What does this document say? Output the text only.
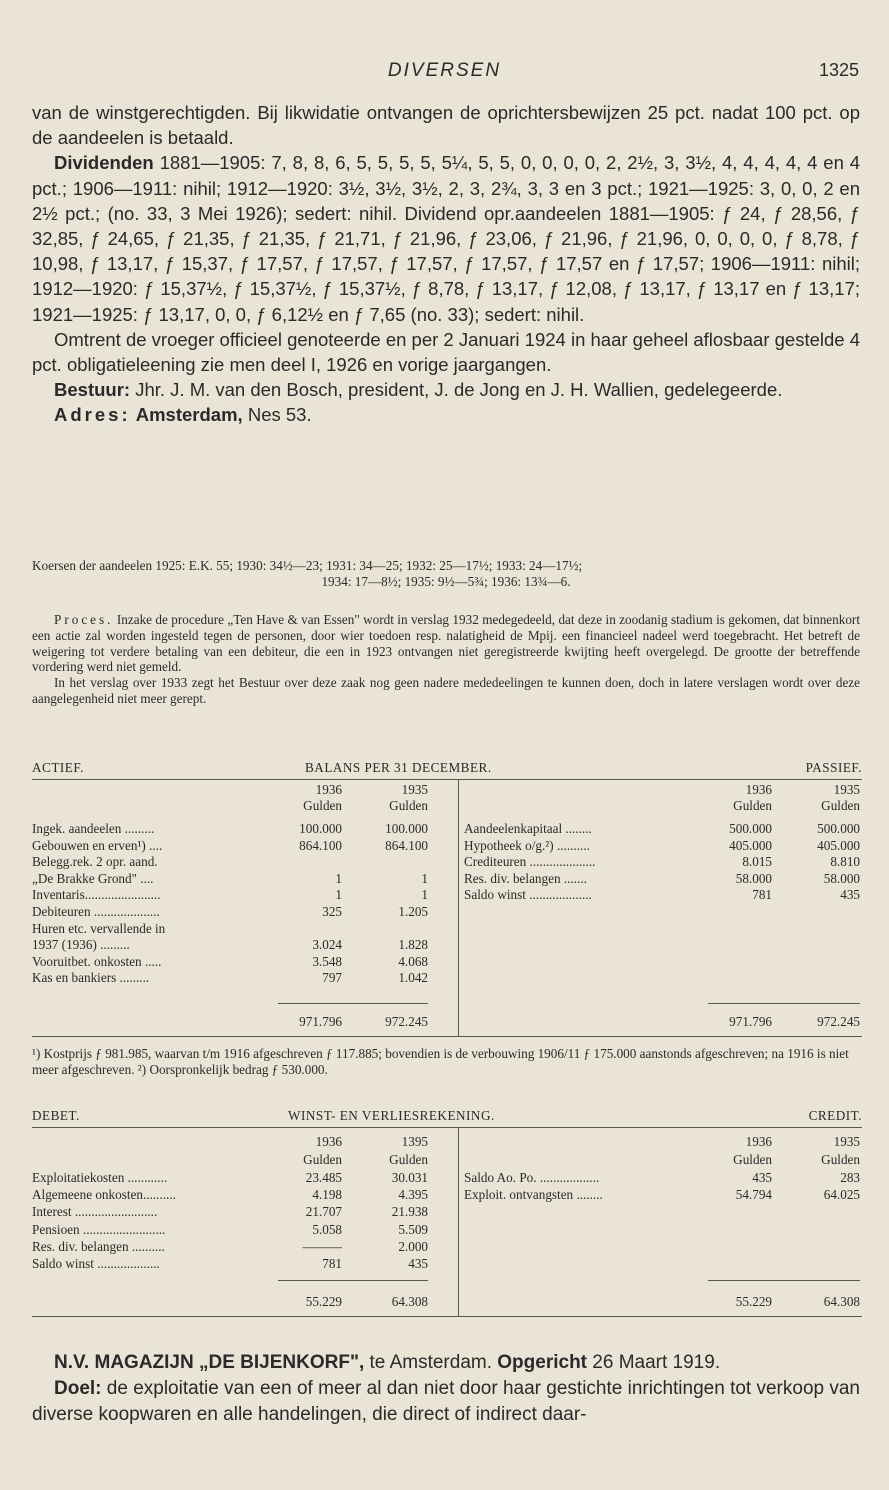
DIVERSEN	1325

van de winstgerechtigden. Bij likwidatie ontvangen de oprichtersbewijzen 25 pct. nadat 100 pct. op de aandeelen is betaald.

Dividenden 1881—1905: 7, 8, 8, 6, 5, 5, 5, 5, 5¼, 5, 5, 0, 0, 0, 0, 2, 2½, 3, 3½, 4, 4, 4, 4, 4 en 4 pct.; 1906—1911: nihil; 1912—1920: 3½, 3½, 3½, 2, 3, 2¾, 3, 3 en 3 pct.; 1921—1925: 3, 0, 0, 2 en 2½ pct.; (no. 33, 3 Mei 1926); sedert: nihil. Dividend opr.aandeelen 1881—1905: ƒ 24, ƒ 28,56, ƒ 32,85, ƒ 24,65, ƒ 21,35, ƒ 21,35, ƒ 21,71, ƒ 21,96, ƒ 23,06, ƒ 21,96, ƒ 21,96, 0, 0, 0, 0, ƒ 8,78, ƒ 10,98, ƒ 13,17, ƒ 15,37, ƒ 17,57, ƒ 17,57, ƒ 17,57, ƒ 17,57, ƒ 17,57 en ƒ 17,57; 1906—1911: nihil; 1912—1920: ƒ 15,37½, ƒ 15,37½, ƒ 15,37½, ƒ 8,78, ƒ 13,17, ƒ 12,08, ƒ 13,17, ƒ 13,17 en ƒ 13,17; 1921—1925: ƒ 13,17, 0, 0, ƒ 6,12½ en ƒ 7,65 (no. 33); sedert: nihil.

Omtrent de vroeger officieel genoteerde en per 2 Januari 1924 in haar geheel aflosbaar gestelde 4 pct. obligatieleening zie men deel I, 1926 en vorige jaargangen.

Bestuur: Jhr. J. M. van den Bosch, president, J. de Jong en J. H. Wallien, gedelegeerde.

Adres: Amsterdam, Nes 53.

Koersen der aandeelen 1925: E.K. 55; 1930: 34½—23; 1931: 34—25; 1932: 25—17½; 1933: 24—17½;

1934: 17—8½; 1935: 9½—5¾; 1936: 13¾—6.

Proces. Inzake de procedure „Ten Have & van Essen" wordt in verslag 1932 medegedeeld, dat deze in zoodanig stadium is gekomen, dat binnenkort een actie zal worden ingesteld tegen de personen, door wier toedoen resp. nalatigheid de Mpij. een financieel nadeel werd toegebracht. Het betreft de weigering tot verdere betaling van een debiteur, die een in 1923 ontvangen niet geregistreerde kwijting heeft overgelegd. De grootte der betreffende vordering werd niet gemeld.

In het verslag over 1933 zegt het Bestuur over deze zaak nog geen nadere mededeelingen te kunnen doen, doch in latere verslagen wordt over deze aangelegenheid niet meer gerept.

ACTIEF.	BALANS PER 31 DECEMBER.	PASSIEF.
1936	1935
Gulden	Gulden
1936	1935
Gulden	Gulden
Ingek. aandeelen .........	100.000	100.000
Gebouwen en erven¹) ....	864.100	864.100
Belegg.rek. 2 opr. aand.
„De Brakke Grond" ....	1	1
Inventaris.......................	1	1
Debiteuren ....................	325	1.205
Huren etc. vervallende in
1937 (1936) .........	3.024	1.828
Vooruitbet. onkosten .....	3.548	4.068
Kas en bankiers .........	797	1.042
Aandeelenkapitaal ........	500.000	500.000
Hypotheek o/g.²) ..........	405.000	405.000
Crediteuren ....................	8.015	8.810
Res. div. belangen .......	58.000	58.000
Saldo winst ...................	781	435
971.796	972.245	971.796	972.245
¹) Kostprijs ƒ 981.985, waarvan t/m 1916 afgeschreven ƒ 117.885; bovendien is de verbouwing 1906/11 ƒ 175.000 aanstonds afgeschreven; na 1916 is niet meer afgeschreven. ²) Oorspronkelijk bedrag ƒ 530.000.
DEBET.	WINST- EN VERLIESREKENING.	CREDIT.
1936	1395
Gulden	Gulden
1936	1935
Gulden	Gulden
Exploitatiekosten ............	23.485	30.031
Algemeene onkosten..........	4.198	4.395
Interest .........................	21.707	21.938
Pensioen .........................	5.058	5.509
Res. div. belangen ..........	———	2.000
Saldo winst ...................	781	435
Saldo Ao. Po. ..................	435	283
Exploit. ontvangsten ........	54.794	64.025
55.229	64.308	55.229	64.308

N.V. MAGAZIJN „DE BIJENKORF", te Amsterdam. Opgericht 26 Maart 1919.

Doel: de exploitatie van een of meer al dan niet door haar gestichte inrichtingen tot verkoop van diverse koopwaren en alle handelingen, die direct of indirect daar-
